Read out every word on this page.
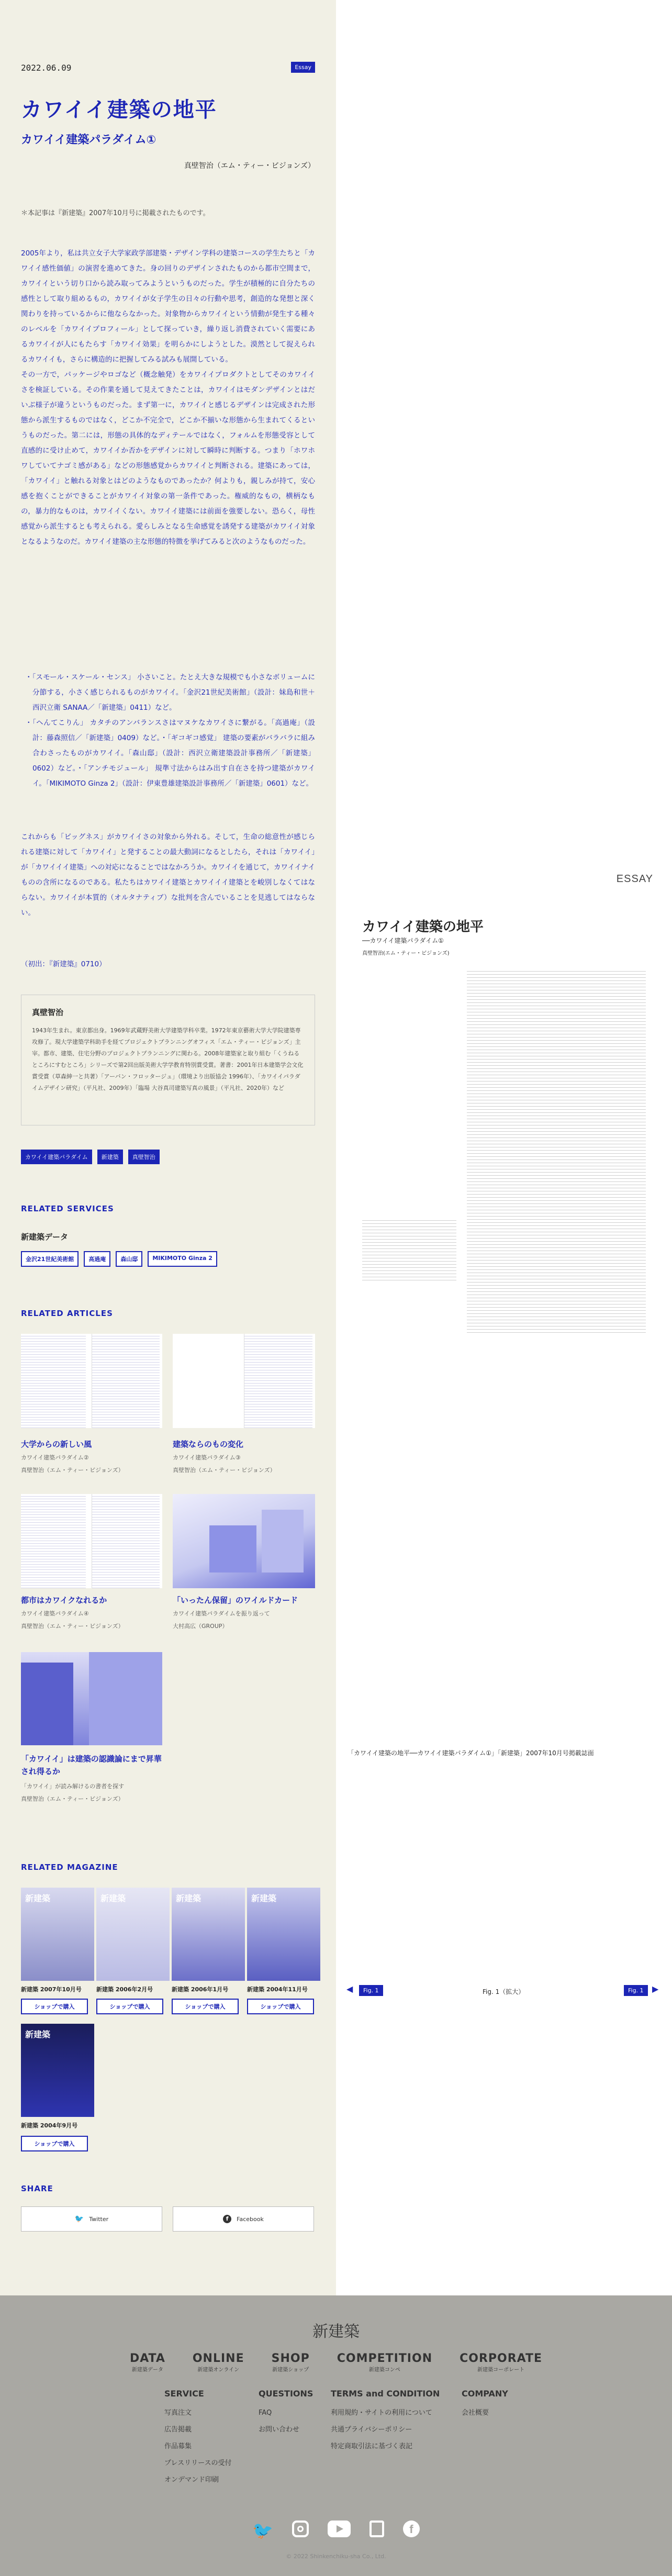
2022.06.09	Essay
カワイイ建築の地平
カワイイ建築パラダイム①
真壁智治（エム・ティー・ビジョンズ）
＊本記事は『新建築』2007年10月号に掲載されたものです。

2005年より，私は共立女子大学家政学部建築・デザイン学科の建築コースの学生たちと「カワイイ感性価値」の演習を進めてきた。身の回りのデザインされたものから都市空間まで，カワイイという切り口から読み取ってみようというものだった。学生が積極的に自分たちの感性として取り組めるもの，カワイイが女子学生の日々の行動や思考，創造的な発想と深く関わりを持っているからに他ならなかった。対象物からカワイイという情動が発生する種々のレベルを「カワイイプロフィール」として探っていき，繰り返し消費されていく需要にあるカワイイが人にもたらす「カワイイ効果」を明らかにしようとした。漠然として捉えられるカワイイも，さらに構造的に把握してみる試みも展開している。

その一方で，パッケージやロゴなど（概念触発）をカワイイプロダクトとしてそのカワイイさを検証している。その作業を通して見えてきたことは，カワイイはモダンデザインとはだいぶ様子が違うというものだった。まず第一に，カワイイと感じるデザインは完成された形態から派生するものではなく，どこか不完全で，どこか不揃いな形態から生まれてくるというものだった。第二には，形態の具体的なディテールではなく，フォルムを形態受容として直感的に受け止めて，カワイイか否かをデザインに対して瞬時に判断する。つまり「ホワホワしていてナゴミ感がある」などの形態感覚からカワイイと判断される。建築にあっては，「カワイイ」と触れる対象とはどのようなものであったか？何よりも，親しみが持て，安心感を抱くことができることがカワイイ対象の第一条件であった。権威的なもの，横柄なもの，暴力的なものは，カワイイくない。カワイイ建築には前面を強要しない。恐らく，母性感覚から派生するとも考えられる。愛らしみとなる生命感覚を誘発する建築がカワイイ対象となるようなのだ。カワイイ建築の主な形態的特徴を挙げてみると次のようなものだった。

・「スモール・スケール・センス」 小さいこと。たとえ大きな規模でも小さなボリュームに分節する，小さく感じられるものがカワイイ。「金沢21世紀美術館」（設計：妹島和世＋西沢立衛 SANAA／「新建築」0411）など。

・「ヘんてこりん」 カタチのアンバランスさはマヌケなカワイさに繋がる。「高過庵」（設計：藤森照信／「新建築」0409）など。・「ギコギコ感覚」 建築の要素がバラバラに組み合わさったものがカワイイ。「森山邸」（設計：西沢立衛建築設計事務所／「新建築」0602）など。・「アンチモジュール」 規準寸法からはみ出す自在さを持つ建築がカワイイ。「MIKIMOTO Ginza 2」（設計：伊東豊雄建築設計事務所／「新建築」0601）など。

これからも「ビッグネス」がカワイイさの対象から外れる。そして，生命の総意性が感じられる建築に対して「カワイイ」と発することの最大動詞になるとしたら，それは「カワイイ」が「カワイイイ建築」への対応になることではなかろうか。カワイイを通じて，カワイイナイものの含所になるのである。私たちはカワイイ建築とカワイイイ建築とを峻別しなくてはならない。カワイイが本質的（オルタナティブ）な批判を含んでいることを見逃してはならない。

（初出：『新建築』0710）
真壁智治

1943年生まれ。東京都出身。1969年武蔵野美術大学建築学科卒業。1972年東京藝術大学大学院建築専攻修了。現大学建築学科助手を経てプロジェクトプランニングオフィス「エム・ティー・ビジョンズ」主宰。都市、建築、住宅分野のプロジェクトプランニングに関わる。2008年建築家と取り組む「くうねるところにすむところ」シリーズで第2回出版美術大学学教育特別賞受賞。著書：2001年日本建築学会文化賞受賞（草森紳一と共著）「アーバン・フロッタージュ」（環境より出版協会 1996年）、「カワイイパラダイムデザイン研究」（平凡社、2009年）「臨場 大谷真司建築写真の風景」（平凡社、2020年）など

カワイイ建築パラダイム	新建築	真壁智治
RELATED SERVICES
新建築データ
金沢21世紀美術館	高過庵	森山邸	MIKIMOTO Ginza 2
RELATED ARTICLES
大学からの新しい風
カワイイ建築パラダイム②
真壁智治（エム・ティー・ビジョンズ）
建築ならのもの変化
カワイイ建築パラダイム③
真壁智治（エム・ティー・ビジョンズ）
都市はカワイクなれるか
カワイイ建築パラダイム④
真壁智治（エム・ティー・ビジョンズ）
「いったん保留」のワイルドカード
カワイイ建築パラダイムを振り返って
大村高広（GROUP）
「カワイイ」は建築の認識論にまで昇華され得るか
「カワイイ」が読み解けるの書者を探す
真壁智治（エム・ティー・ビジョンズ）
RELATED MAGAZINE
新建築	新建築	新建築	新建築
新建築 2007年10月号	新建築 2006年2月号	新建築 2006年1月号	新建築 2004年11月号
ショップで購入	ショップで購入	ショップで購入	ショップで購入
新建築
新建築 2004年9月号
ショップで購入
SHARE
🐦 Twitter	f	Facebook
ESSAY
カワイイ建築の地平
──カワイイ建築パラダイム①
真壁智治(エム・ティー・ビジョンズ)
「カワイイ建築の地平──カワイイ建築パラダイム①」「新建築」2007年10月号掲載誌面
◀	Fig. 1	Fig. 1（拡大）	Fig. 1	▶
新建築
DATA
新建築データ
ONLINE
新建築オンライン
SHOP
新建築ショップ
COMPETITION
新建築コンペ
CORPORATE
新建築コーポレート
SERVICE
写真注文
広告掲載
作品募集
プレスリリースの受付
オンデマンド印刷
QUESTIONS
FAQ
お問い合わせ
TERMS and CONDITION
利用規約・サイトの利用について
共通プライバシーポリシー
特定商取引法に基づく表記
COMPANY
会社概要
🐦	f
© 2022 Shinkenchiku-sha Co., Ltd.
